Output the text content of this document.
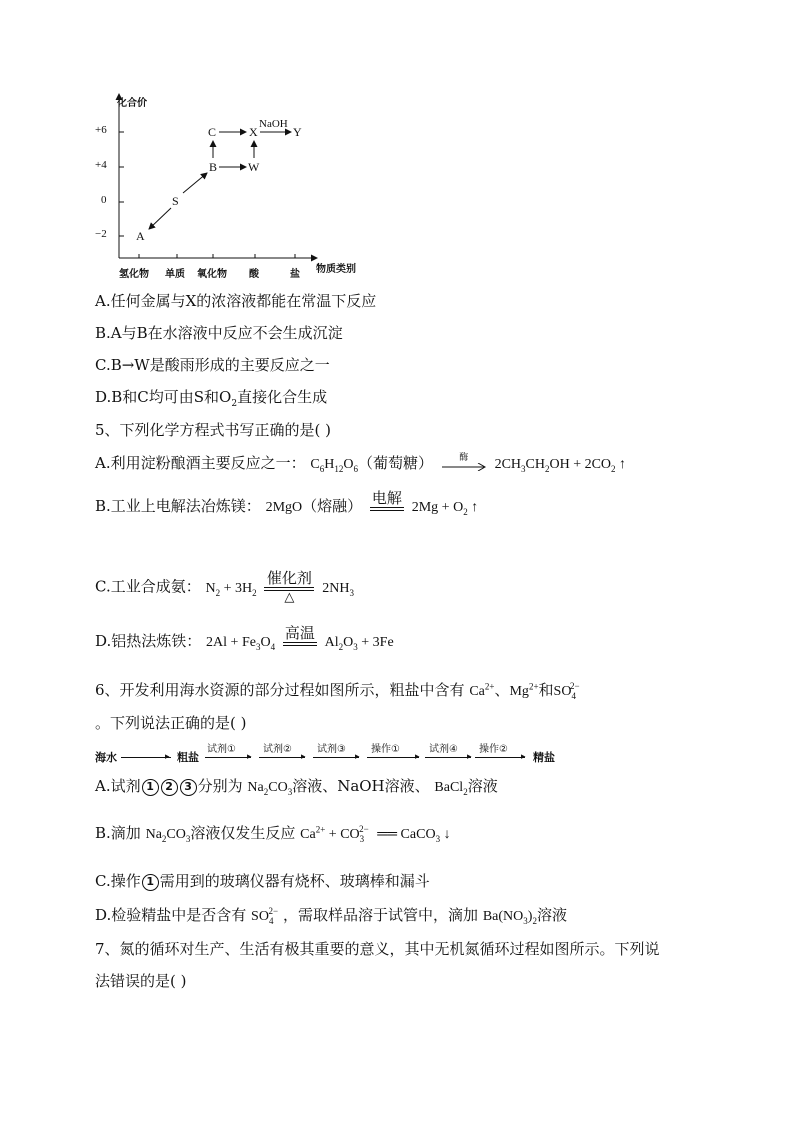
化合价
+6
+4
0
−2
氢化物 单质 氧化物 酸	盐 物质类别
A
S
B
C
W
X	Y
NaOH
A.任何金属与X的浓溶液都能在常温下反应
B.A与B在水溶液中反应不会生成沉淀
C.B→W是酸雨形成的主要反应之一
D.B和C均可由S和$O_2$直接化合生成
5、下列化学方程式书写正确的是( )
A.利用淀粉酿酒主要反应之一： $C_6H_{12}O_6$（葡萄糖）	酶	$2CH_3CH_2OH + 2CO_2$ ↑
B.工业上电解法冶炼镁： 2MgO（熔融） 电解
$2Mg + O_2$ ↑
C.工业合成氨： $N_2 + 3H_2$
催化剂
△
$2NH_3$
D.铝热法炼铁： $2Al + Fe_3O_4$
高温
$Al_2O_3 + 3Fe$
6、开发利用海水资源的部分过程如图所示，粗盐中含有 $Ca^{2+}$、$Mg^{2+}$和$SO_4^{2-}$
。下列说法正确的是( )
海水	▸ 粗盐
试剂①
▸
试剂②
▸
试剂③
▸
操作①
▸
试剂④
▸
操作②
▸ 精盐
A.试剂 1 2 3 分别为 $Na_2CO_3$溶液、NaOH溶液、 BaCl$_2$溶液
B.滴加 $Na_2CO_3$溶液仅发生反应 $Ca^{2+} + CO_3^{2-}$ ══ CaCO$_3$ ↓
C.操作 1 需用到的玻璃仪器有烧杯、玻璃棒和漏斗
D.检验精盐中是否含有 $SO_4^{2-}$ ，需取样品溶于试管中，滴加 $Ba(NO_3)_2$溶液
7、氮的循环对生产、生活有极其重要的意义，其中无机氮循环过程如图所示。下列说
法错误的是( )
